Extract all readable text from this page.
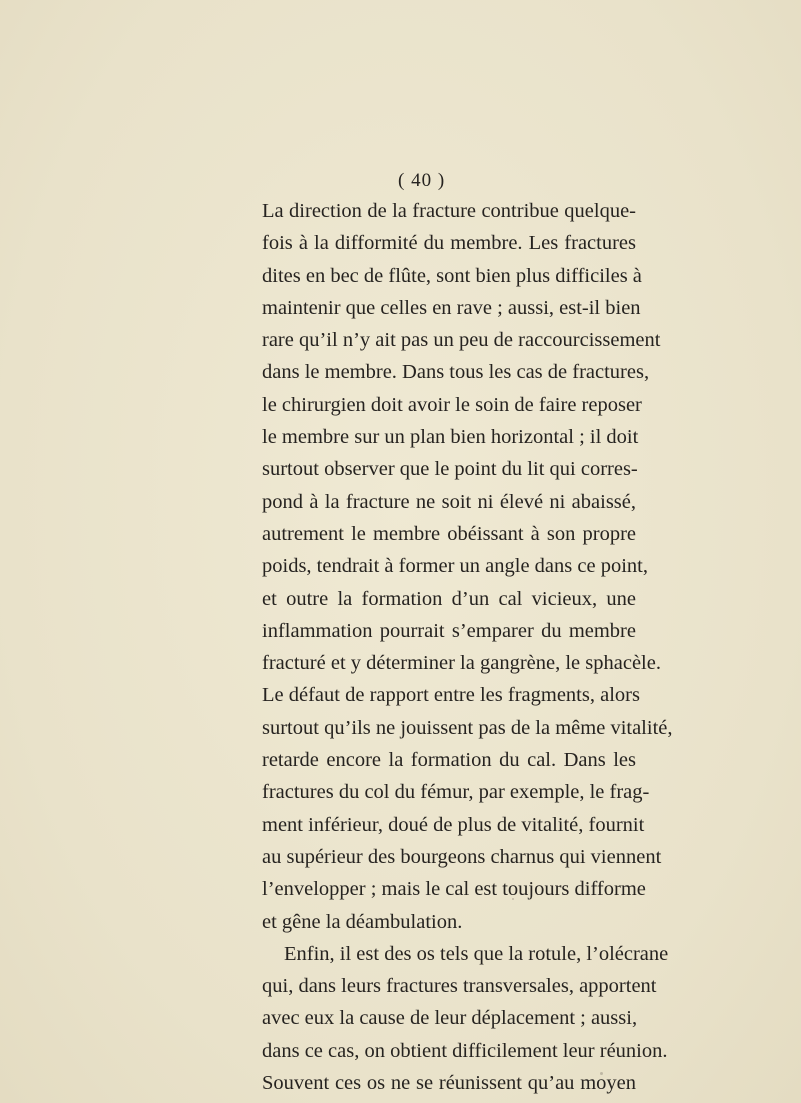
( 40 )
La direction de la fracture contribue quelque-
fois à la difformité du membre. Les fractures
dites en bec de flûte, sont bien plus difficiles à
maintenir que celles en rave ; aussi, est-il bien
rare qu’il n’y ait pas un peu de raccourcissement
dans le membre. Dans tous les cas de fractures,
le chirurgien doit avoir le soin de faire reposer
le membre sur un plan bien horizontal ; il doit
surtout observer que le point du lit qui corres-
pond à la fracture ne soit ni élevé ni abaissé,
autrement le membre obéissant à son propre
poids, tendrait à former un angle dans ce point,
et outre la formation d’un cal vicieux, une
inflammation pourrait s’emparer du membre
fracturé et y déterminer la gangrène, le sphacèle.
Le défaut de rapport entre les fragments, alors
surtout qu’ils ne jouissent pas de la même vitalité,
retarde encore la formation du cal. Dans les
fractures du col du fémur, par exemple, le frag-
ment inférieur, doué de plus de vitalité, fournit
au supérieur des bourgeons charnus qui viennent
l’envelopper ; mais le cal est toujours difforme
et gêne la déambulation.
Enfin, il est des os tels que la rotule, l’olécrane
qui, dans leurs fractures transversales, apportent
avec eux la cause de leur déplacement ; aussi,
dans ce cas, on obtient difficilement leur réunion.
Souvent ces os ne se réunissent qu’au moyen
